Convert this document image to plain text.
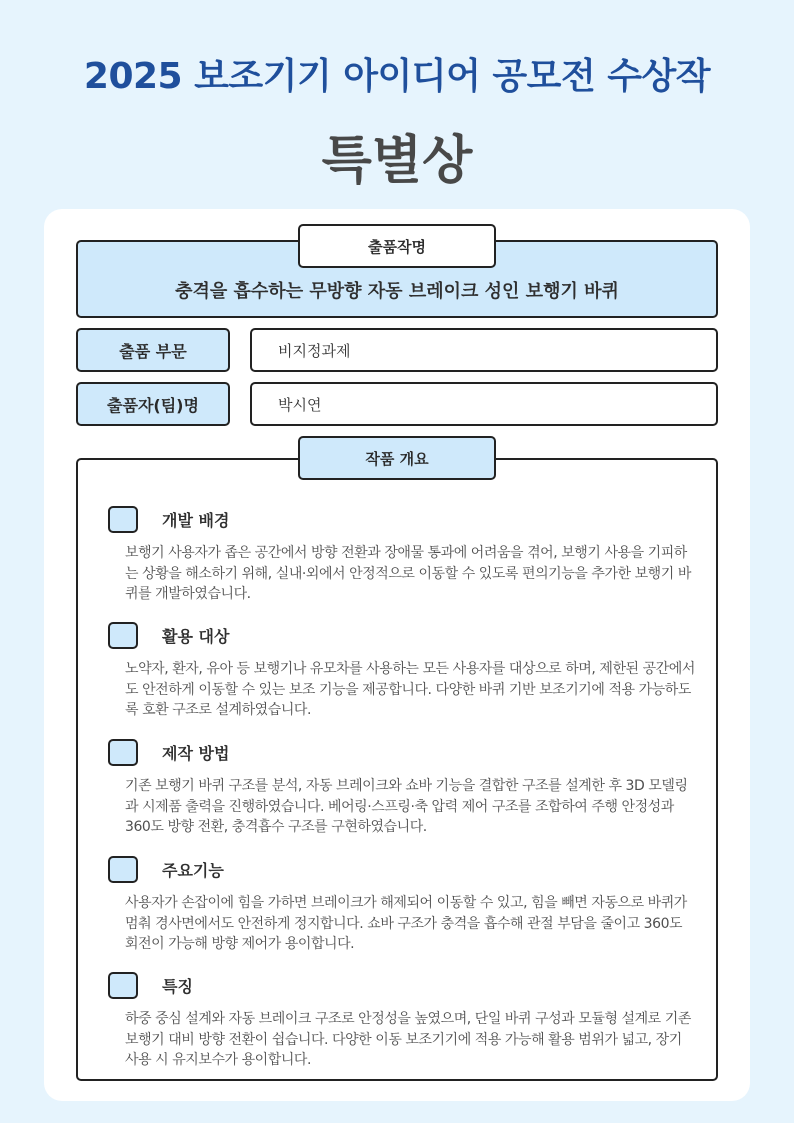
2025 보조기기 아이디어 공모전 수상작
특별상
충격을 흡수하는 무방향 자동 브레이크 성인 보행기 바퀴
출품작명
출품 부문	비지정과제
출품자(팀)명	박시연
작품 개요
개발 배경
보행기 사용자가 좁은 공간에서 방향 전환과 장애물 통과에 어려움을 겪어, 보행기 사용을 기피하는 상황을 해소하기 위해, 실내·외에서 안정적으로 이동할 수 있도록 편의기능을 추가한 보행기 바퀴를 개발하였습니다.
활용 대상
노약자, 환자, 유아 등 보행기나 유모차를 사용하는 모든 사용자를 대상으로 하며, 제한된 공간에서도 안전하게 이동할 수 있는 보조 기능을 제공합니다. 다양한 바퀴 기반 보조기기에 적용 가능하도록 호환 구조로 설계하였습니다.
제작 방법
기존 보행기 바퀴 구조를 분석, 자동 브레이크와 쇼바 기능을 결합한 구조를 설계한 후 3D 모델링과 시제품 출력을 진행하였습니다. 베어링·스프링·축 압력 제어 구조를 조합하여 주행 안정성과 360도 방향 전환, 충격흡수 구조를 구현하였습니다.
주요기능
사용자가 손잡이에 힘을 가하면 브레이크가 해제되어 이동할 수 있고, 힘을 빼면 자동으로 바퀴가 멈춰 경사면에서도 안전하게 정지합니다. 쇼바 구조가 충격을 흡수해 관절 부담을 줄이고 360도 회전이 가능해 방향 제어가 용이합니다.
특징
하중 중심 설계와 자동 브레이크 구조로 안정성을 높였으며, 단일 바퀴 구성과 모듈형 설계로 기존 보행기 대비 방향 전환이 쉽습니다. 다양한 이동 보조기기에 적용 가능해 활용 범위가 넓고, 장기 사용 시 유지보수가 용이합니다.
